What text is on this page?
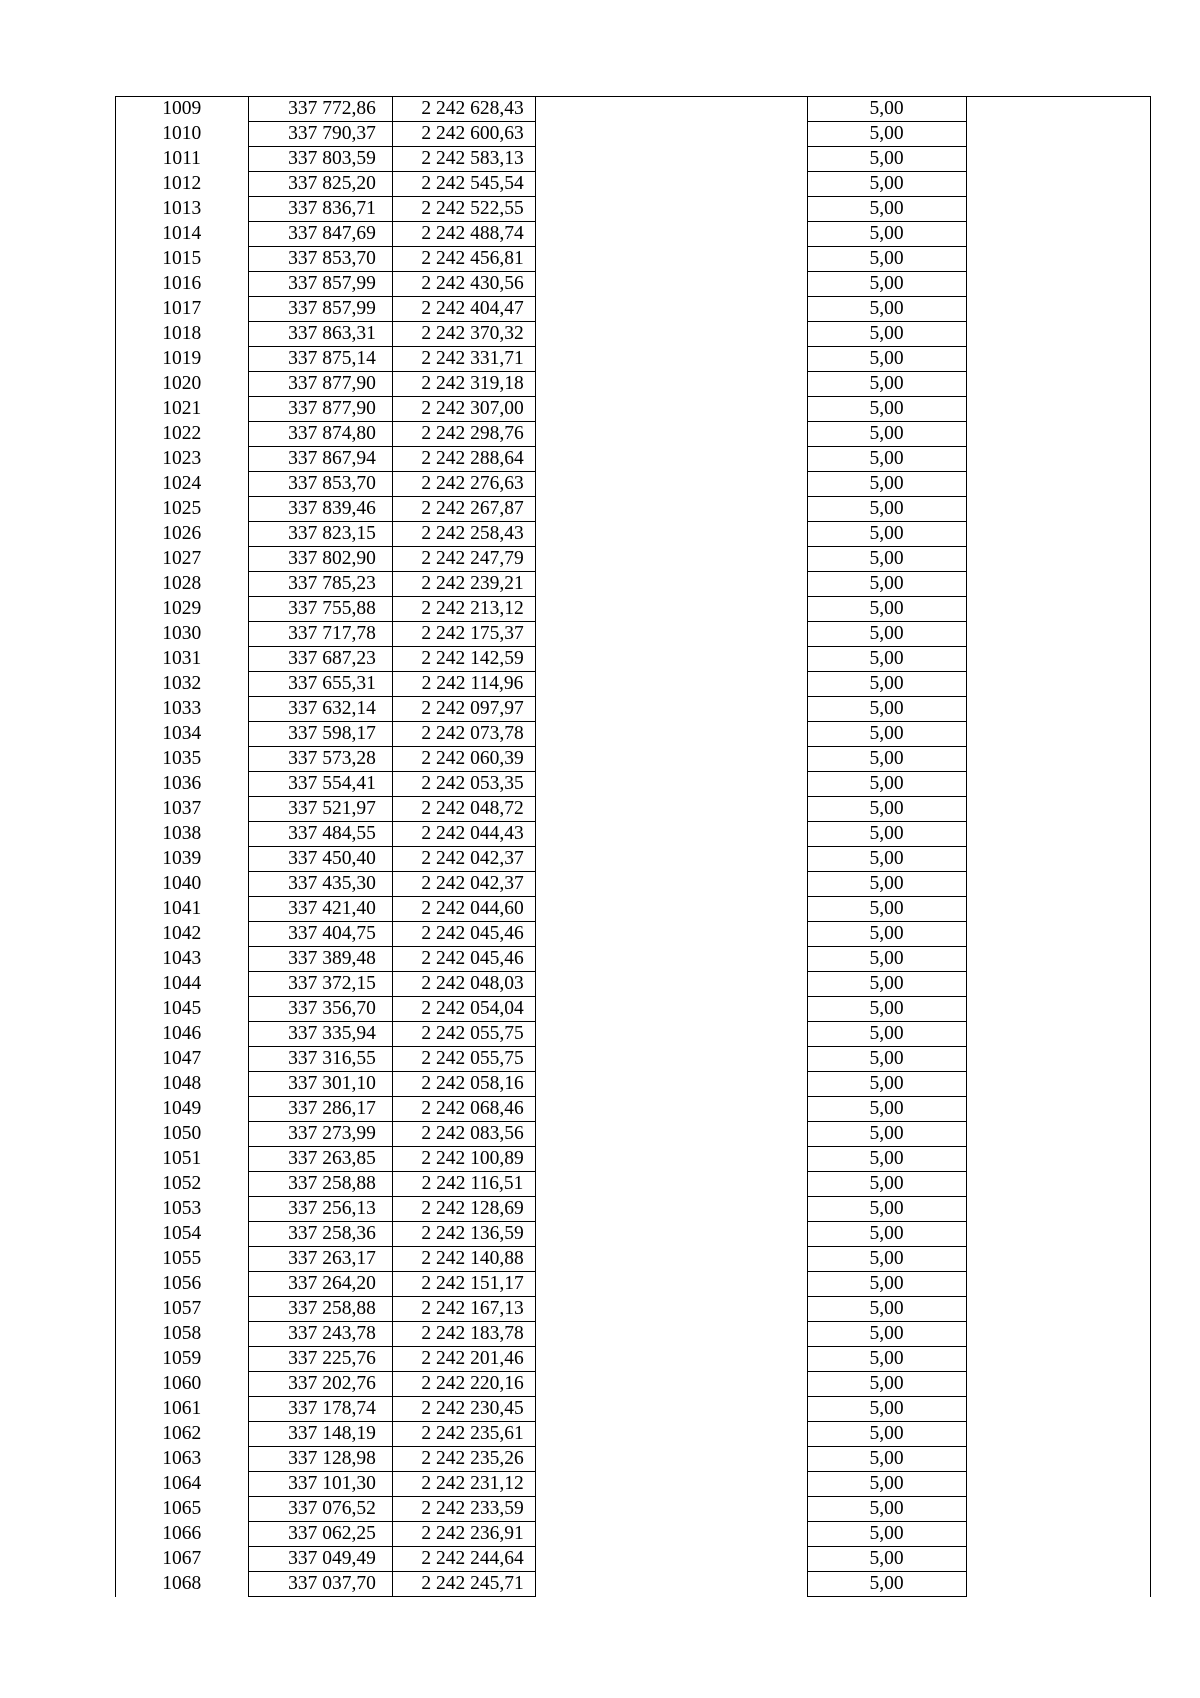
1009	337 772,86	2 242 628,43		5,00	
1010	337 790,37	2 242 600,63		5,00	
1011	337 803,59	2 242 583,13		5,00	
1012	337 825,20	2 242 545,54		5,00	
1013	337 836,71	2 242 522,55		5,00	
1014	337 847,69	2 242 488,74		5,00	
1015	337 853,70	2 242 456,81		5,00	
1016	337 857,99	2 242 430,56		5,00	
1017	337 857,99	2 242 404,47		5,00	
1018	337 863,31	2 242 370,32		5,00	
1019	337 875,14	2 242 331,71		5,00	
1020	337 877,90	2 242 319,18		5,00	
1021	337 877,90	2 242 307,00		5,00	
1022	337 874,80	2 242 298,76		5,00	
1023	337 867,94	2 242 288,64		5,00	
1024	337 853,70	2 242 276,63		5,00	
1025	337 839,46	2 242 267,87		5,00	
1026	337 823,15	2 242 258,43		5,00	
1027	337 802,90	2 242 247,79		5,00	
1028	337 785,23	2 242 239,21		5,00	
1029	337 755,88	2 242 213,12		5,00	
1030	337 717,78	2 242 175,37		5,00	
1031	337 687,23	2 242 142,59		5,00	
1032	337 655,31	2 242 114,96		5,00	
1033	337 632,14	2 242 097,97		5,00	
1034	337 598,17	2 242 073,78		5,00	
1035	337 573,28	2 242 060,39		5,00	
1036	337 554,41	2 242 053,35		5,00	
1037	337 521,97	2 242 048,72		5,00	
1038	337 484,55	2 242 044,43		5,00	
1039	337 450,40	2 242 042,37		5,00	
1040	337 435,30	2 242 042,37		5,00	
1041	337 421,40	2 242 044,60		5,00	
1042	337 404,75	2 242 045,46		5,00	
1043	337 389,48	2 242 045,46		5,00	
1044	337 372,15	2 242 048,03		5,00	
1045	337 356,70	2 242 054,04		5,00	
1046	337 335,94	2 242 055,75		5,00	
1047	337 316,55	2 242 055,75		5,00	
1048	337 301,10	2 242 058,16		5,00	
1049	337 286,17	2 242 068,46		5,00	
1050	337 273,99	2 242 083,56		5,00	
1051	337 263,85	2 242 100,89		5,00	
1052	337 258,88	2 242 116,51		5,00	
1053	337 256,13	2 242 128,69		5,00	
1054	337 258,36	2 242 136,59		5,00	
1055	337 263,17	2 242 140,88		5,00	
1056	337 264,20	2 242 151,17		5,00	
1057	337 258,88	2 242 167,13		5,00	
1058	337 243,78	2 242 183,78		5,00	
1059	337 225,76	2 242 201,46		5,00	
1060	337 202,76	2 242 220,16		5,00	
1061	337 178,74	2 242 230,45		5,00	
1062	337 148,19	2 242 235,61		5,00	
1063	337 128,98	2 242 235,26		5,00	
1064	337 101,30	2 242 231,12		5,00	
1065	337 076,52	2 242 233,59		5,00	
1066	337 062,25	2 242 236,91		5,00	
1067	337 049,49	2 242 244,64		5,00	
1068	337 037,70	2 242 245,71		5,00	
